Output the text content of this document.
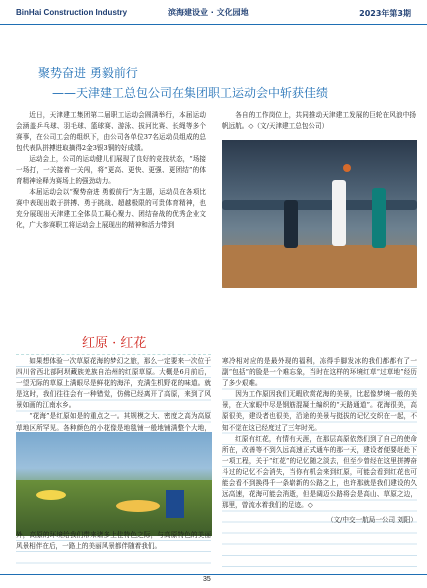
BinHai Construction Industry	滨海建设业 · 文化园地	2023年第3期
聚势奋进 勇毅前行
——天津建工总包公司在集团职工运动会中斩获佳绩

近日，天津建工集团第二届职工运动会圆满举行，本届运动会涵盖乒乓球、羽毛球、篮球赛、游泳、拔河比赛、长绳等多个赛事，在公司工会的组织下，由公司各单位37名运动员组成的总包代表队拼搏进取摘得2金3银3铜的好成绩。

运动会上，公司的运动健儿们展现了良好的竞技状态，“场接一场打，一关接着一关闯，将“更高、更快、更强、更团结”的体育精神诠释为赛场上的强劲动力。

本届运动会以“聚势奋进 勇毅前行”为主题，运动员在各项比赛中表现出敢于拼搏、勇于挑战、超越极限的可贵体育精神，也充分展现出天津建工全体员工凝心聚力、团结奋战的优秀企业文化，广大参赛职工将运动会上展现出的精神和活力带到

各自的工作岗位上，共同推动天津建工发展的巨轮在风浪中扬帆远航。◇（文/天津建工总包公司）

红原 · 红花

如果想体验一次草原花海的梦幻之旅，那么一定要来一次位于四川省西北部阿坝藏族羌族自治州的红原草原。大概是6月前后，一望无际的草原上满眼尽是鲜花的海洋，充满生机野花的味道。就是这时，我们往往会有一种错觉，仿佛已经离开了高原，来到了风景如画的江南水乡。

“花海”是红原如是的重点之一。其规模之大、密度之高为高原草地区所罕见。各种颜色的小花像是地毯铺一般地铺满整个大地，

外，高原的环境给我们带来诸多上佳特色之际，与高原特色的美丽风景相伴在后，一路上的美丽风景都伴随着我们。

寒冷相对应的是最外现的福利，冻得手脚发冰的我们都都有了一副“包括”的脸是一个难忘象，当时在这样的环境红草“过草地”经历了多少艰难。

因为工作原因我们无暇欣赏花海的美景，比起像梦境一般的美景，在大家眼中尽是钢筋混凝土编织的“天路通道”。花海很美，高原很美，建设者也很美，沿途的美景与挺拔的记忆交织在一起，不知不觉在这已经度过了三年时光。

红原有红花，有情有天涯，在那层高原依然们到了自己的使命所在，改善等不到久远高速正式通车的那一天，建设者便要赶赴下一项工程，关于“红花”的记忆随之淡去，但至少曾经在这里拼搏奋斗过的记忆不会消失，当你有机会来到红原，可能会看到红花也可能会看不到换得千一条崭新的公路之上，也许那就是我们建设的久远高速，花海可能会消逝，但是阔迈公路将会是高山、草原之边，那里，曾流水着我们的足迹。◇

（文/中交一航局一公司 刘阳）

35
